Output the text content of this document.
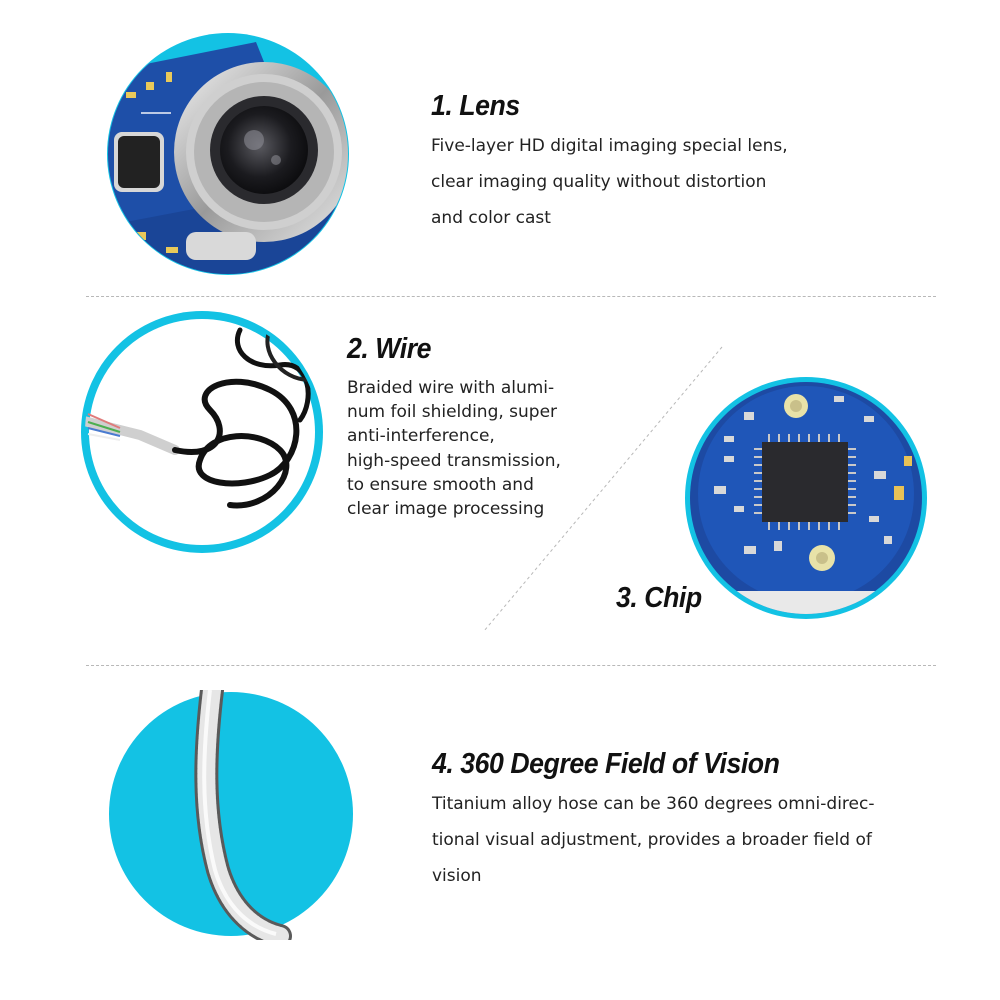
1. Lens
Five-layer HD digital imaging special lens,
clear imaging quality without distortion
and color cast
2. Wire
Braided wire with alumi-
num foil shielding, super
anti-interference,
high-speed transmission,
to ensure smooth and
clear image processing
3. Chip
4. 360 Degree Field of Vision
Titanium alloy hose can be 360 degrees omni-direc-
tional visual adjustment, provides a broader field of
vision
